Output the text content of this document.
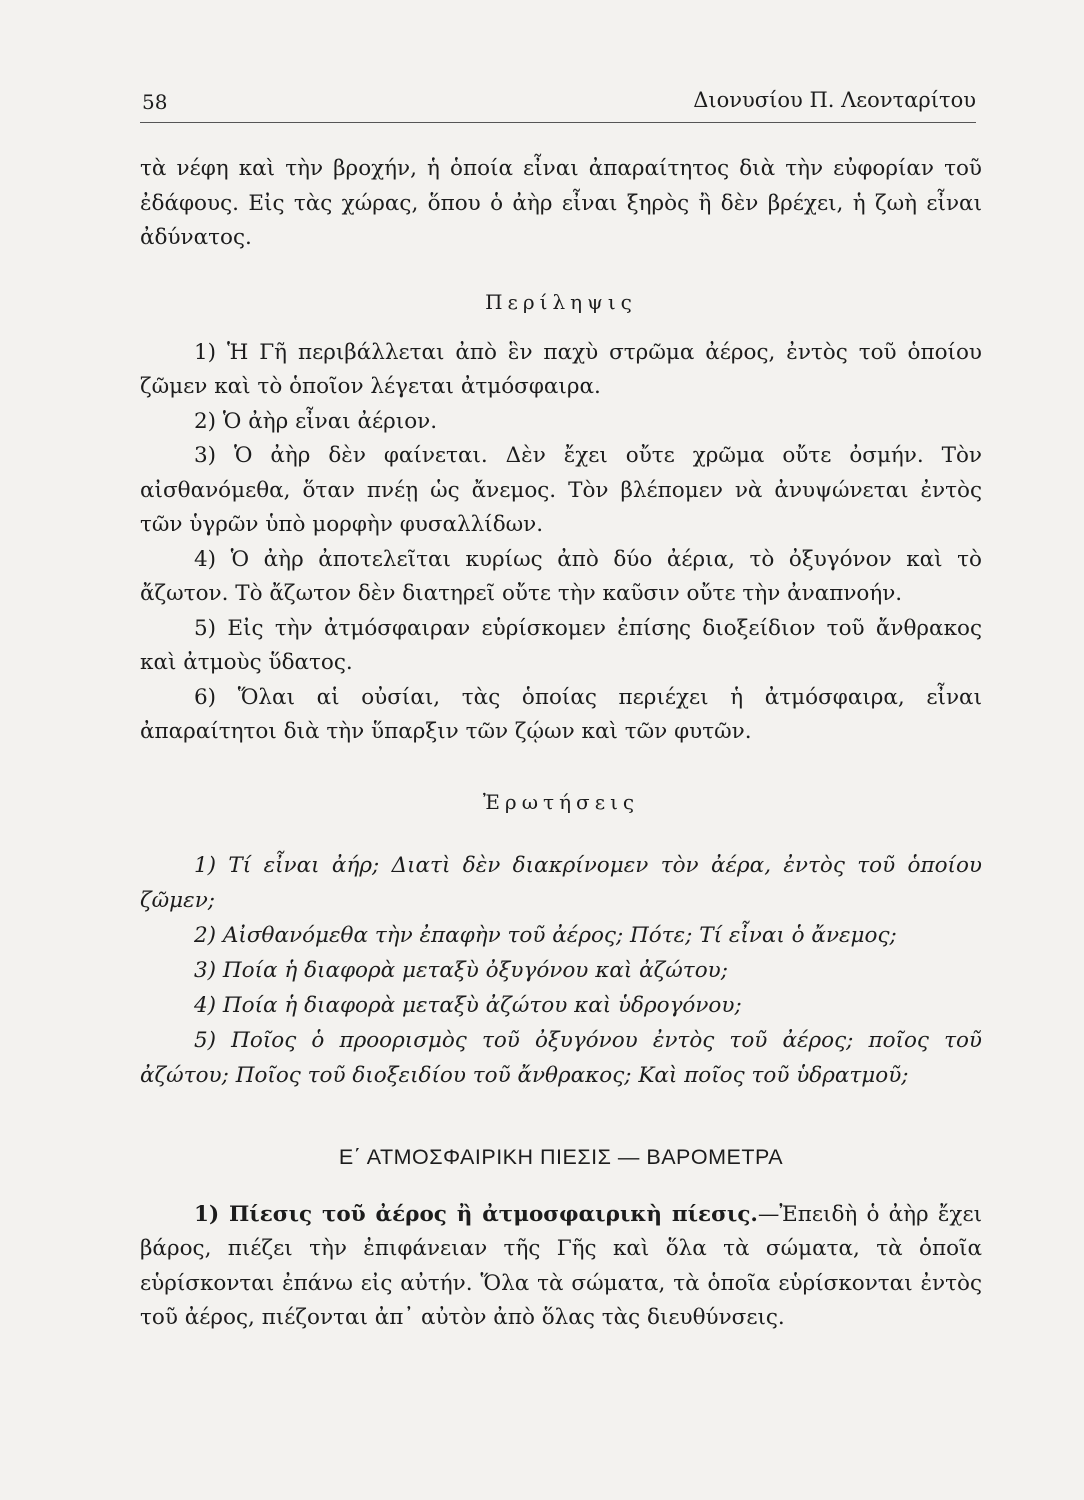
58	Διονυσίου Π. Λεονταρίτου

τὰ νέφη καὶ τὴν βροχήν, ἡ ὁποία εἶναι ἀπαραίτητος διὰ τὴν εὐφορίαν τοῦ ἐδάφους. Εἰς τὰς χώρας, ὅπου ὁ ἀὴρ εἶναι ξηρὸς ἢ δὲν βρέχει, ἡ ζωὴ εἶναι ἀδύνατος.

Περίληψις

1) Ἡ Γῆ περιβάλλεται ἀπὸ ἓν παχὺ στρῶμα ἀέρος, ἐντὸς τοῦ ὁποίου ζῶμεν καὶ τὸ ὁποῖον λέγεται ἀτμόσφαιρα.

2) Ὁ ἀὴρ εἶναι ἀέριον.

3) Ὁ ἀὴρ δὲν φαίνεται. Δὲν ἔχει οὔτε χρῶμα οὔτε ὀσμήν. Τὸν αἰσθανόμεθα, ὅταν πνέῃ ὡς ἄνεμος. Τὸν βλέπομεν νὰ ἀνυψώνεται ἐντὸς τῶν ὑγρῶν ὑπὸ μορφὴν φυσαλλίδων.

4) Ὁ ἀὴρ ἀποτελεῖται κυρίως ἀπὸ δύο ἀέρια, τὸ ὀξυγόνον καὶ τὸ ἄζωτον. Τὸ ἄζωτον δὲν διατηρεῖ οὔτε τὴν καῦσιν οὔτε τὴν ἀναπνοήν.

5) Εἰς τὴν ἀτμόσφαιραν εὑρίσκομεν ἐπίσης διοξείδιον τοῦ ἄνθρακος καὶ ἀτμοὺς ὕδατος.

6) Ὅλαι αἱ οὐσίαι, τὰς ὁποίας περιέχει ἡ ἀτμόσφαιρα, εἶναι ἀπαραίτητοι διὰ τὴν ὕπαρξιν τῶν ζῴων καὶ τῶν φυτῶν.

Ἐρωτήσεις

1) Τί εἶναι ἀήρ; Διατὶ δὲν διακρίνομεν τὸν ἀέρα, ἐντὸς τοῦ ὁποίου ζῶμεν;

2) Αἰσθανόμεθα τὴν ἐπαφὴν τοῦ ἀέρος; Πότε; Τί εἶναι ὁ ἄνεμος;

3) Ποία ἡ διαφορὰ μεταξὺ ὀξυγόνου καὶ ἀζώτου;

4) Ποία ἡ διαφορὰ μεταξὺ ἀζώτου καὶ ὑδρογόνου;

5) Ποῖος ὁ προορισμὸς τοῦ ὀξυγόνου ἐντὸς τοῦ ἀέρος; ποῖος τοῦ ἀζώτου; Ποῖος τοῦ διοξειδίου τοῦ ἄνθρακος; Καὶ ποῖος τοῦ ὑδρατμοῦ;

Ε΄ ΑΤΜΟΣΦΑΙΡΙΚΗ ΠΙΕΣΙΣ — ΒΑΡΟΜΕΤΡΑ

1) Πίεσις τοῦ ἀέρος ἢ ἀτμοσφαιρικὴ πίεσις.—Ἐπειδὴ ὁ ἀὴρ ἔχει βάρος, πιέζει τὴν ἐπιφάνειαν τῆς Γῆς καὶ ὅλα τὰ σώματα, τὰ ὁποῖα εὑρίσκονται ἐπάνω εἰς αὐτήν. Ὅλα τὰ σώματα, τὰ ὁποῖα εὑρίσκονται ἐντὸς τοῦ ἀέρος, πιέζονται ἀπ᾽ αὐτὸν ἀπὸ ὅλας τὰς διευθύνσεις.
